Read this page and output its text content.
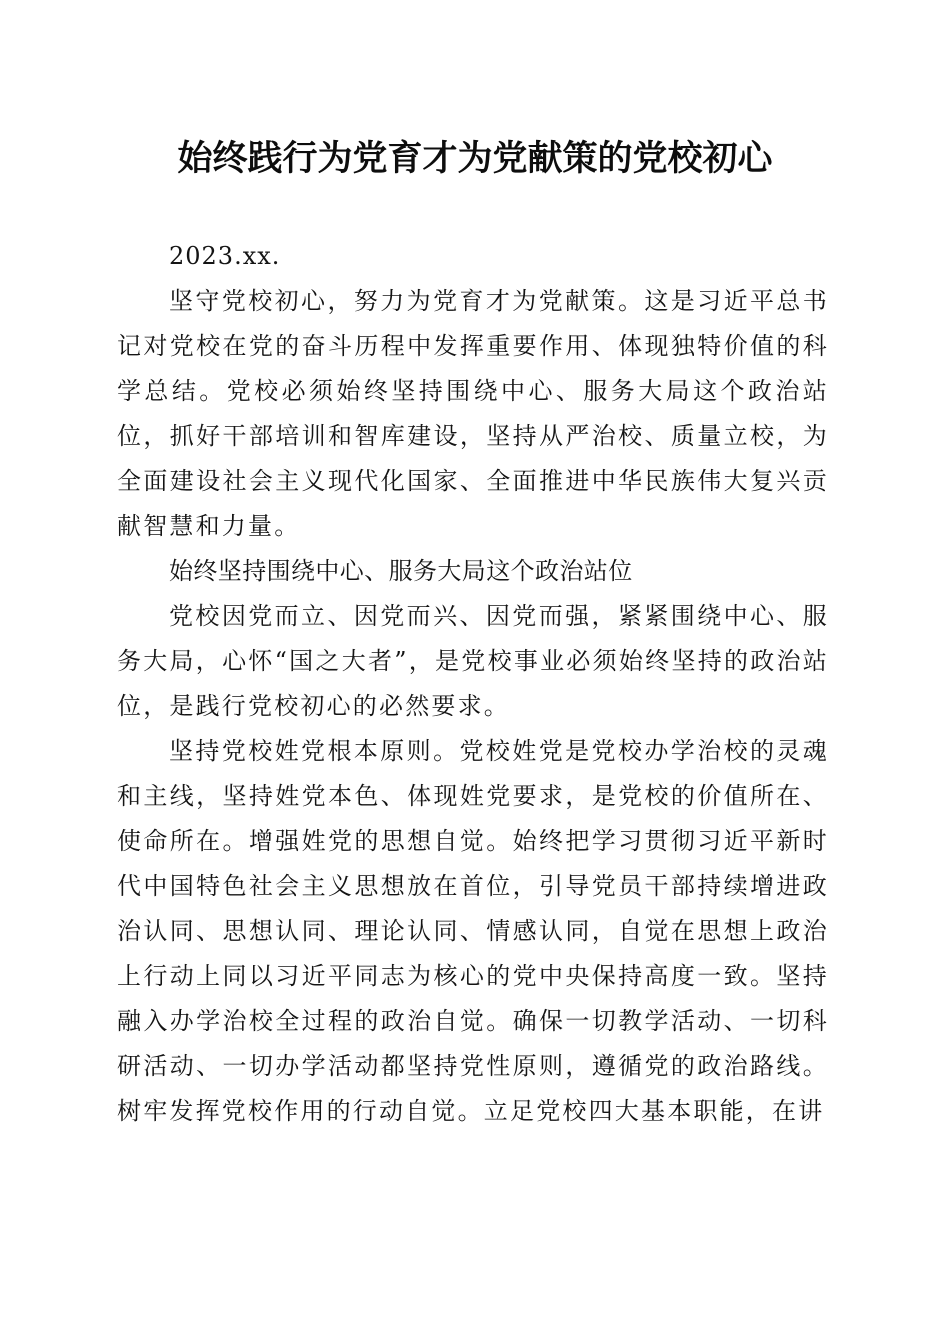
始终践行为党育才为党献策的党校初心

2023.xx.

坚守党校初心，努力为党育才为党献策。这是习近平总书记对党校在党的奋斗历程中发挥重要作用、体现独特价值的科学总结。党校必须始终坚持围绕中心、服务大局这个政治站位，抓好干部培训和智库建设，坚持从严治校、质量立校，为全面建设社会主义现代化国家、全面推进中华民族伟大复兴贡献智慧和力量。

始终坚持围绕中心、服务大局这个政治站位

党校因党而立、因党而兴、因党而强，紧紧围绕中心、服务大局，心怀“国之大者”，是党校事业必须始终坚持的政治站位，是践行党校初心的必然要求。

坚持党校姓党根本原则。党校姓党是党校办学治校的灵魂和主线，坚持姓党本色、体现姓党要求，是党校的价值所在、使命所在。增强姓党的思想自觉。始终把学习贯彻习近平新时代中国特色社会主义思想放在首位，引导党员干部持续增进政治认同、思想认同、理论认同、情感认同，自觉在思想上政治上行动上同以习近平同志为核心的党中央保持高度一致。坚持融入办学治校全过程的政治自觉。确保一切教学活动、一切科研活动、一切办学活动都坚持党性原则，遵循党的政治路线。树牢发挥党校作用的行动自觉。立足党校四大基本职能，在讲
